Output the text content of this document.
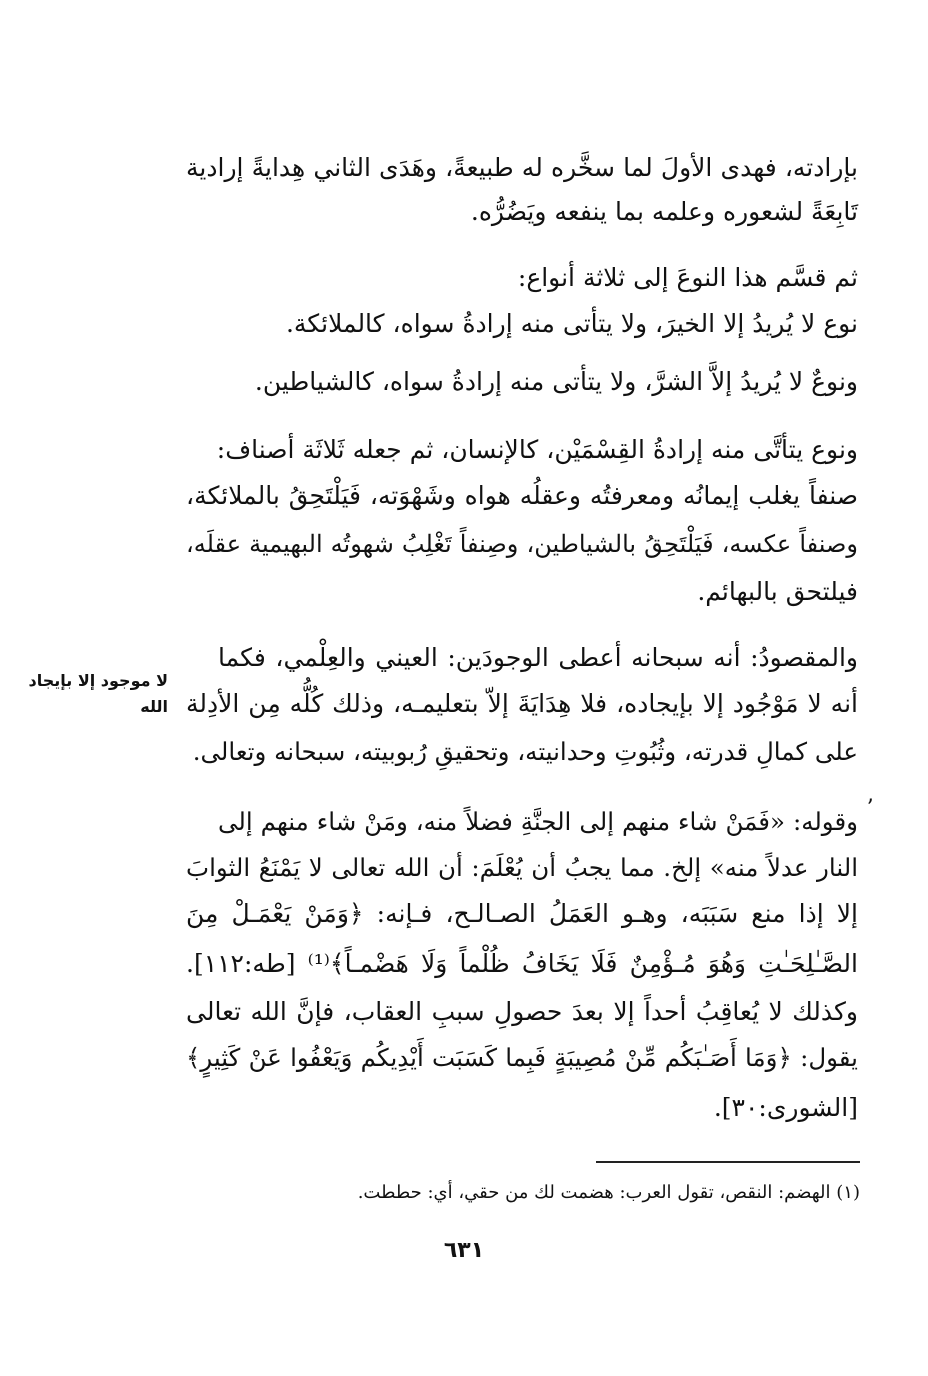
بإرادته، فهدى الأولَ لما سخَّره له طبيعةً، وهَدَى الثاني هِدايةً إرادية
تَابِعَةً لشعوره وعلمه بما ينفعه ويَضُرُّه.
ثم قسَّم هذا النوعَ إلى ثلاثة أنواع:
نوع لا يُريدُ إلا الخيرَ، ولا يتأتى منه إرادةُ سواه، كالملائكة.
ونوعٌ لا يُريدُ إلاَّ الشرَّ، ولا يتأتى منه إرادةُ سواه، كالشياطين.
ونوع يتأتَّى منه إرادةُ القِسْمَيْن، كالإنسان، ثم جعله ثَلاثَة أصناف:
صنفاً يغلب إيمانُه ومعرفتُه وعقلُه هواه وشَهْوَته، فَيَلْتَحِقُ بالملائكة،
وصنفاً عكسه، فَيَلْتَحِقُ بالشياطين، وصِنفاً تَغْلِبُ شهوتُه البهيمية عقلَه،
فيلتحق بالبهائم.
والمقصودُ: أنه سبحانه أعطى الوجودَين: العيني والعِلْمي، فكما
أنه لا مَوْجُود إلا بإيجاده، فلا هِدَايَةَ إلاّ بتعليمـه، وذلك كُلُّه مِن الأدِلة
على كمالِ قدرته، وثُبُوتِ وحدانيته، وتحقيقِ رُبوبيته، سبحانه وتعالى.
وقوله: «فَمَنْ شاء منهم إلى الجنَّةِ فضلاً منه، ومَنْ شاء منهم إلى
النار عدلاً منه» إلخ. مما يجبُ أن يُعْلَمَ: أن الله تعالى لا يَمْنَعُ الثوابَ
إلا إذا منع سَبَبَه، وهـو العَمَلُ الصـالـح، فـإنه: ﴿وَمَنْ يَعْمَـلْ مِنَ
الصَّـٰلِحَـٰتِ وَهُوَ مُـؤْمِنٌ فَلَا يَخَافُ ظُلْماً وَلَا هَضْمـاً﴾⁽¹⁾ [طه:١١٢].
وكذلك لا يُعاقِبُ أحداً إلا بعدَ حصولِ سببِ العقاب، فإنَّ الله تعالى
يقول: ﴿وَمَا أَصَـٰبَكُم مِّنْ مُصِيبَةٍ فَبِما كَسَبَت أَيْدِيكُم وَيَعْفُوا عَنْ كَثِيرٍ﴾
[الشورى:٣٠].
لا موجود إلا بإيجاد الله
ʼ
(١) الهضم: النقص، تقول العرب: هضمت لك من حقي، أي: حططت.
٦٣١
